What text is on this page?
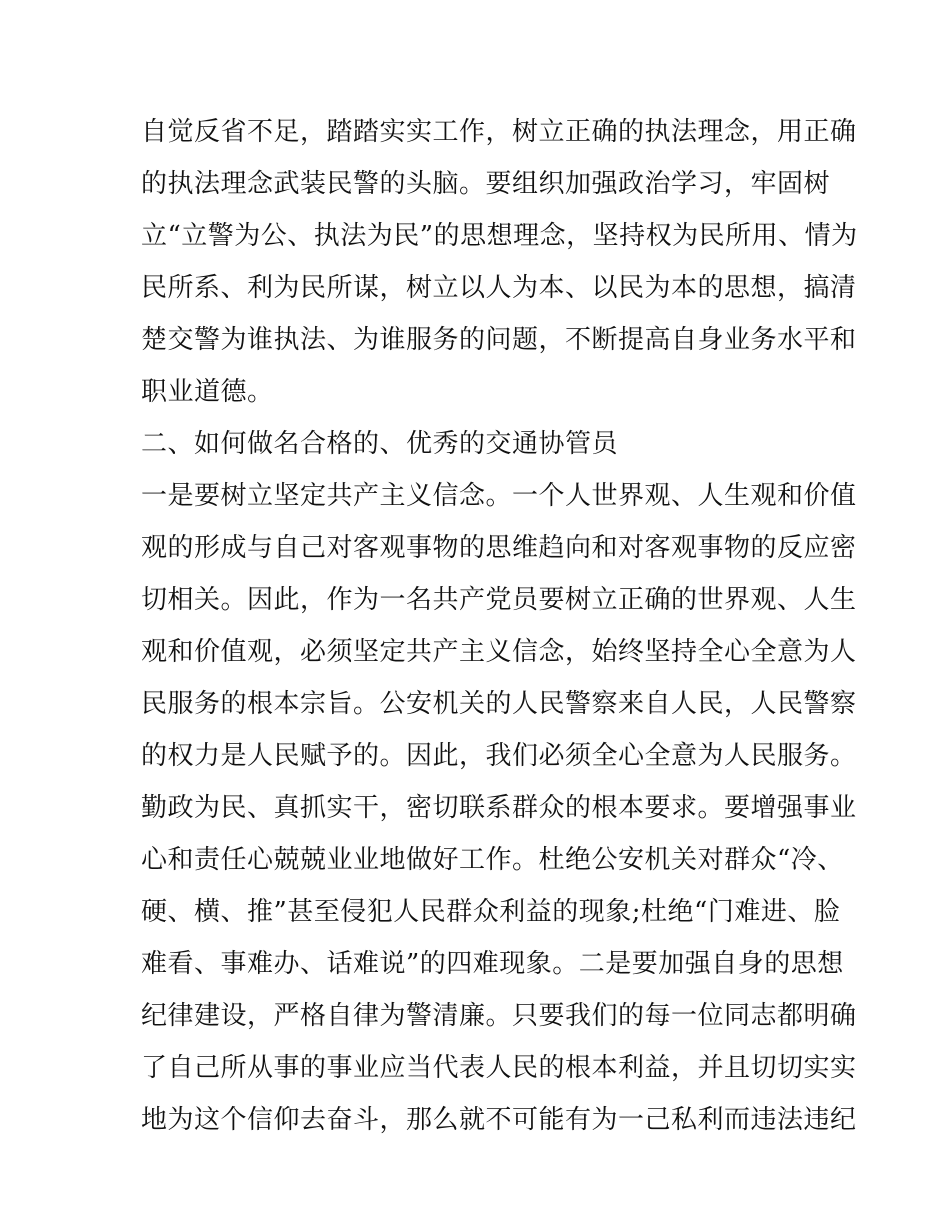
自觉反省不足，踏踏实实工作，树立正确的执法理念，用正确
的执法理念武装民警的头脑。要组织加强政治学习，牢固树
立“立警为公、执法为民”的思想理念，坚持权为民所用、情为
民所系、利为民所谋，树立以人为本、以民为本的思想，搞清
楚交警为谁执法、为谁服务的问题，不断提高自身业务水平和
职业道德。
二、如何做名合格的、优秀的交通协管员
一是要树立坚定共产主义信念。一个人世界观、人生观和价值
观的形成与自己对客观事物的思维趋向和对客观事物的反应密
切相关。因此，作为一名共产党员要树立正确的世界观、人生
观和价值观，必须坚定共产主义信念，始终坚持全心全意为人
民服务的根本宗旨。公安机关的人民警察来自人民，人民警察
的权力是人民赋予的。因此，我们必须全心全意为人民服务。
勤政为民、真抓实干，密切联系群众的根本要求。要增强事业
心和责任心兢兢业业地做好工作。杜绝公安机关对群众“冷、
硬、横、推”甚至侵犯人民群众利益的现象;杜绝“门难进、脸
难看、事难办、话难说”的四难现象。二是要加强自身的思想
纪律建设，严格自律为警清廉。只要我们的每一位同志都明确
了自己所从事的事业应当代表人民的根本利益，并且切切实实
地为这个信仰去奋斗，那么就不可能有为一己私利而违法违纪
